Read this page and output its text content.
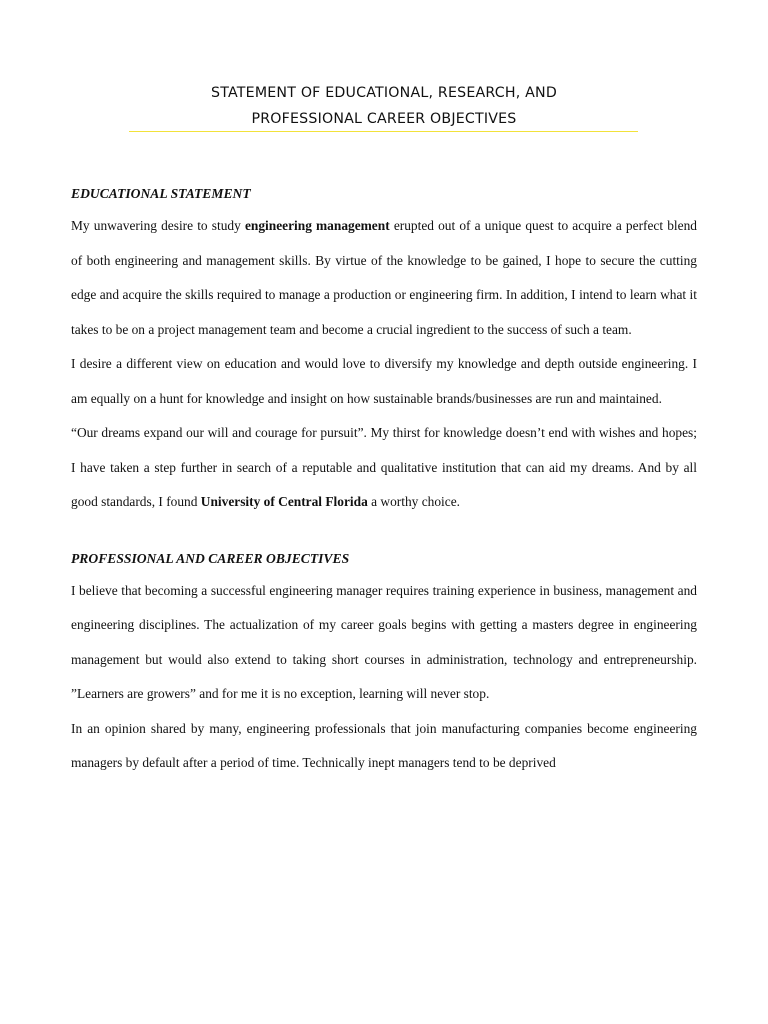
STATEMENT OF EDUCATIONAL, RESEARCH, AND
PROFESSIONAL CAREER OBJECTIVES
EDUCATIONAL STATEMENT

My unwavering desire to study engineering management erupted out of a unique quest to acquire a perfect blend of both engineering and management skills. By virtue of the knowledge to be gained, I hope to secure the cutting edge and acquire the skills required to manage a production or engineering firm. In addition, I intend to learn what it takes to be on a project management team and become a crucial ingredient to the success of such a team.

I desire a different view on education and would love to diversify my knowledge and depth outside engineering. I am equally on a hunt for knowledge and insight on how sustainable brands/businesses are run and maintained.

“Our dreams expand our will and courage for pursuit”. My thirst for knowledge doesn’t end with wishes and hopes; I have taken a step further in search of a reputable and qualitative institution that can aid my dreams. And by all good standards, I found University of Central Florida a worthy choice.

PROFESSIONAL AND CAREER OBJECTIVES

I believe that becoming a successful engineering manager requires training experience in business, management and engineering disciplines. The actualization of my career goals begins with getting a masters degree in engineering management but would also extend to taking short courses in administration, technology and entrepreneurship. ”Learners are growers” and for me it is no exception, learning will never stop.

In an opinion shared by many, engineering professionals that join manufacturing companies become engineering managers by default after a period of time. Technically inept managers tend to be deprived
